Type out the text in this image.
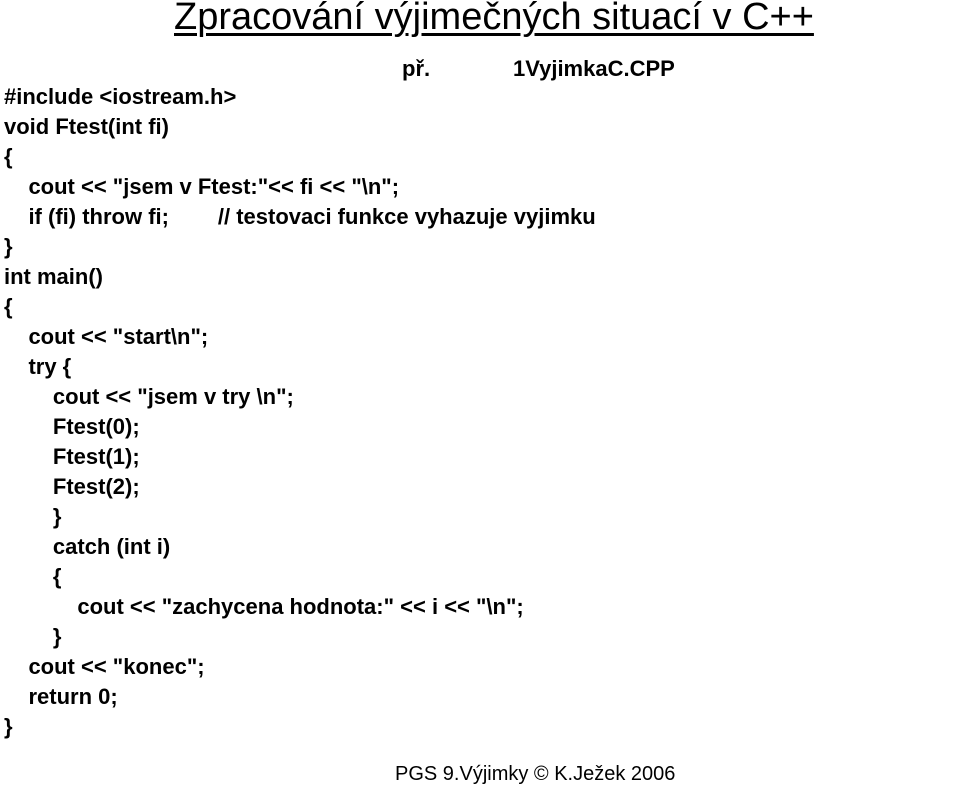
Zpracování výjimečných situací v C++
př.	1VyjimkaC.CPP
#include <iostream.h>
void Ftest(int fi)
{
cout << "jsem v Ftest:"<< fi << "\n";
if (fi) throw fi;        // testovaci funkce vyhazuje vyjimku
}
int main()
{
cout << "start\n";
try {
cout << "jsem v try \n";
Ftest(0);
Ftest(1);
Ftest(2);
}
catch (int i)
{
cout << "zachycena hodnota:" << i << "\n";
}
cout << "konec";
return 0;
}
PGS 9.Výjimky © K.Ježek 2006
